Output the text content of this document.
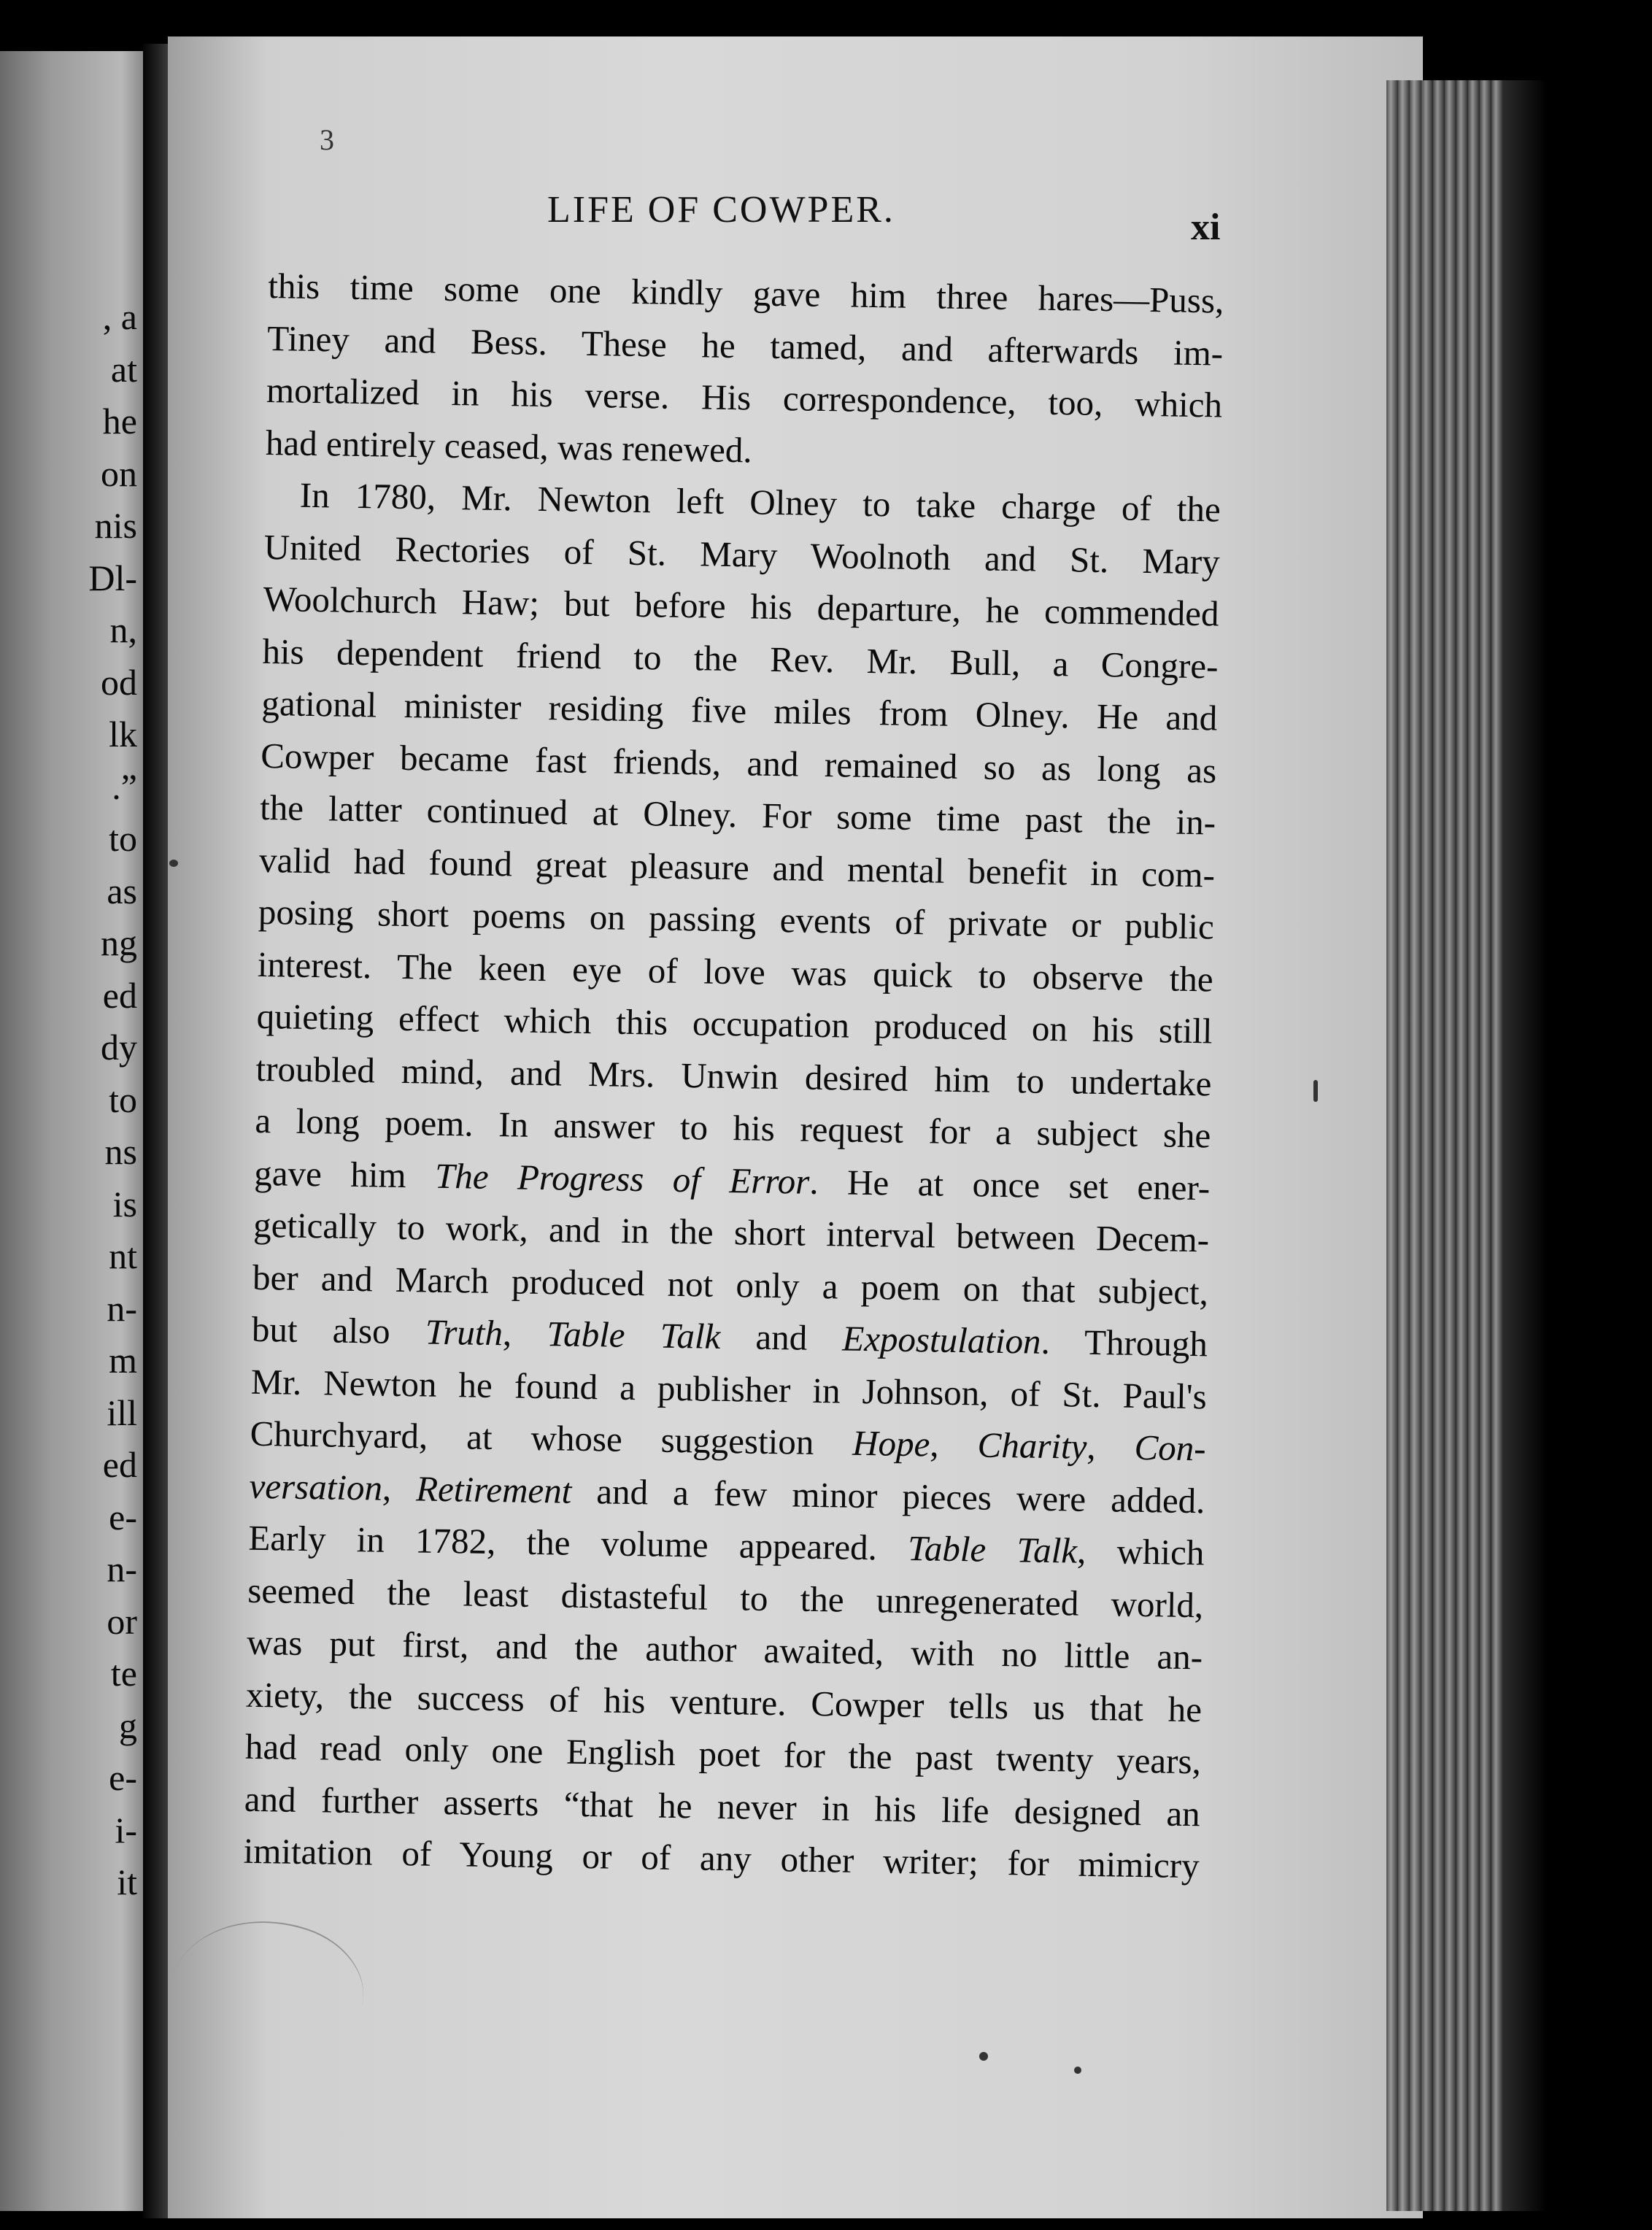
, a
at
he
on
nis
Dl-
n,
od
lk
.”
to
as
ng
ed
dy
to
ns
is
nt
n-
m
ill
ed
e-
n-
or
te
g
e-
i-
it
3
LIFE OF COWPER.	xi
this time some one kindly gave him three hares—Puss,
Tiney and Bess. These he tamed, and afterwards im-
mortalized in his verse. His correspondence, too, which
had entirely ceased, was renewed.
In 1780, Mr. Newton left Olney to take charge of the
United Rectories of St. Mary Woolnoth and St. Mary
Woolchurch Haw; but before his departure, he commended
his dependent friend to the Rev. Mr. Bull, a Congre-
gational minister residing five miles from Olney. He and
Cowper became fast friends, and remained so as long as
the latter continued at Olney. For some time past the in-
valid had found great pleasure and mental benefit in com-
posing short poems on passing events of private or public
interest. The keen eye of love was quick to observe the
quieting effect which this occupation produced on his still
troubled mind, and Mrs. Unwin desired him to undertake
a long poem. In answer to his request for a subject she
gave him The Progress of Error. He at once set ener-
getically to work, and in the short interval between Decem-
ber and March produced not only a poem on that subject,
but also Truth, Table Talk and Expostulation. Through
Mr. Newton he found a publisher in Johnson, of St. Paul's
Churchyard, at whose suggestion Hope, Charity, Con-
versation, Retirement and a few minor pieces were added.
Early in 1782, the volume appeared. Table Talk, which
seemed the least distasteful to the unregenerated world,
was put first, and the author awaited, with no little an-
xiety, the success of his venture. Cowper tells us that he
had read only one English poet for the past twenty years,
and further asserts “that he never in his life designed an
imitation of Young or of any other writer; for mimicry
